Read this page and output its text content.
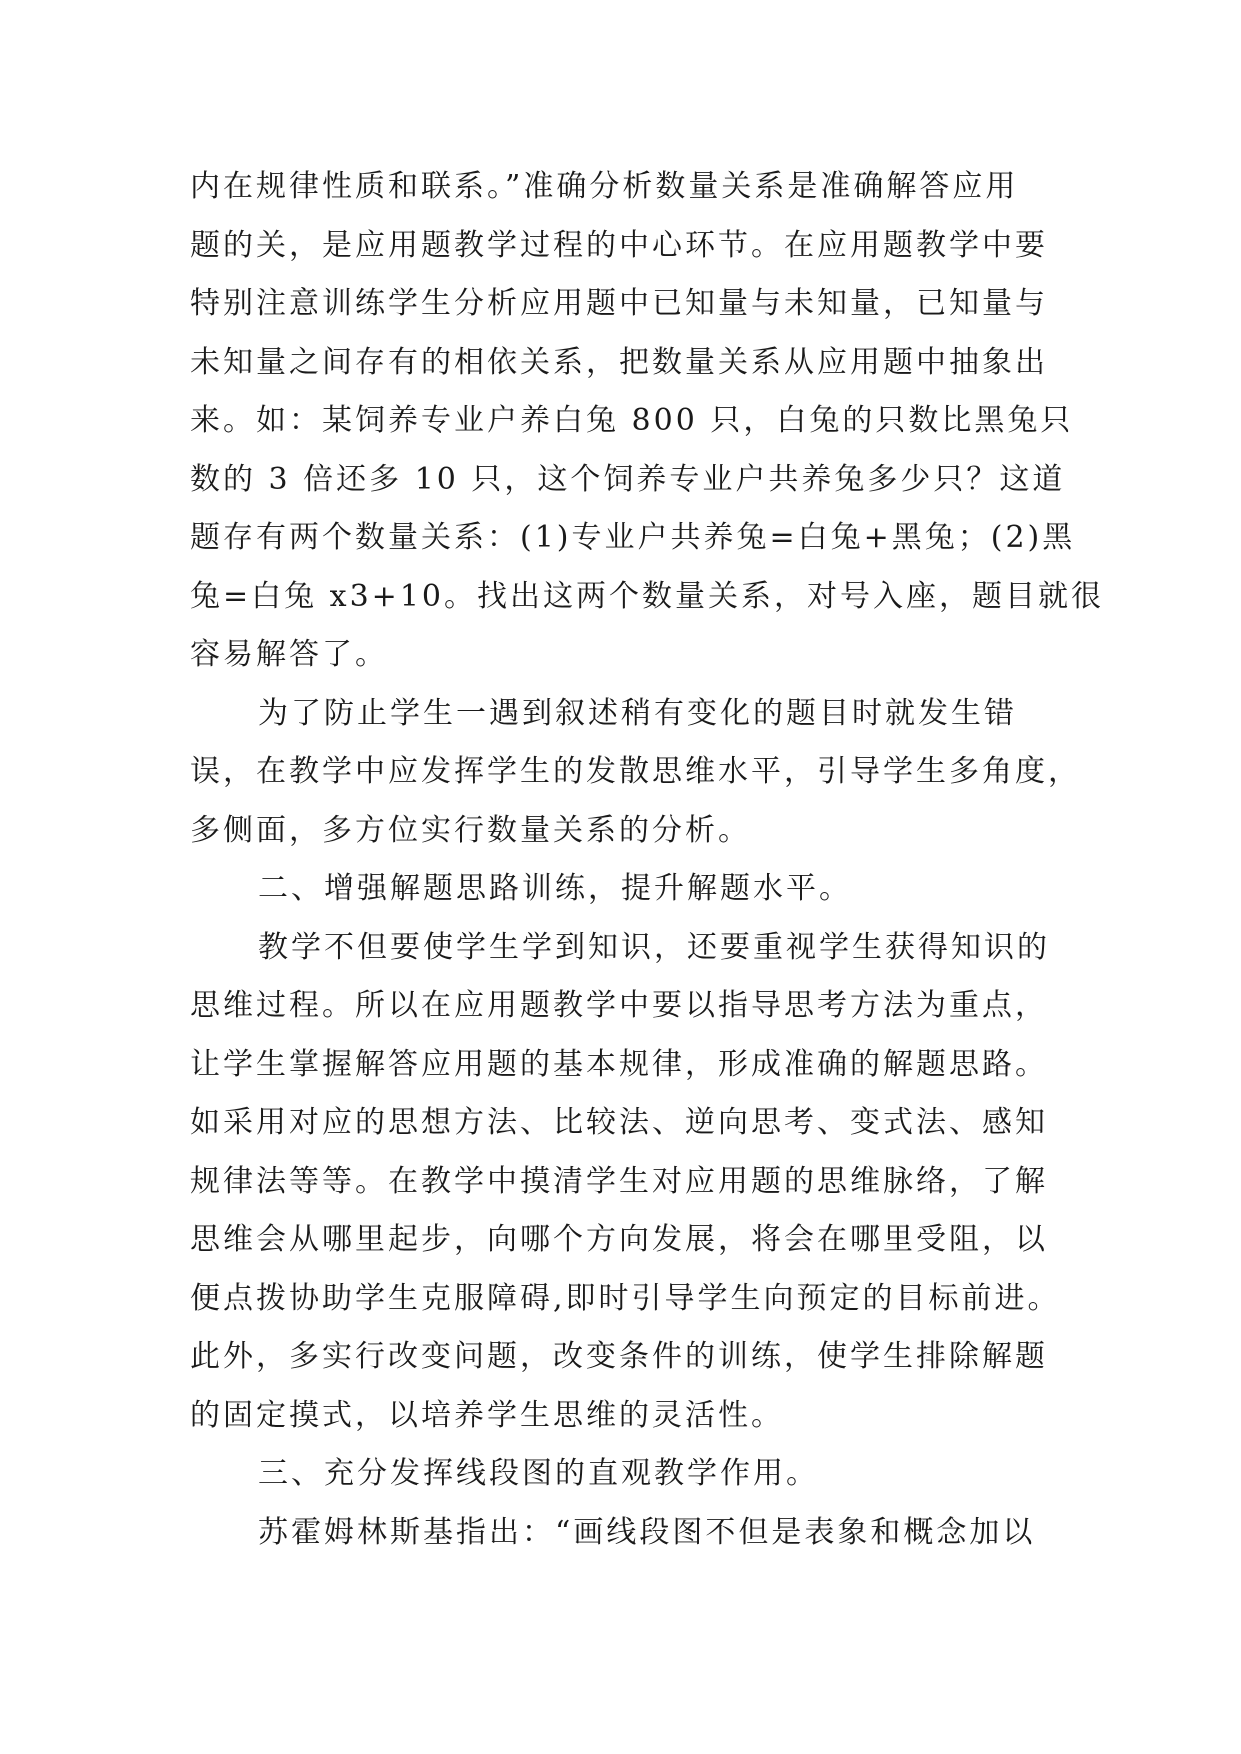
内在规律性质和联系。”准确分析数量关系是准确解答应用
题的关，是应用题教学过程的中心环节。在应用题教学中要
特别注意训练学生分析应用题中已知量与未知量，已知量与
未知量之间存有的相依关系，把数量关系从应用题中抽象出
来。如：某饲养专业户养白兔 800 只，白兔的只数比黑兔只
数的 3 倍还多 10 只，这个饲养专业户共养兔多少只？这道
题存有两个数量关系：(1)专业户共养兔=白兔+黑兔；(2)黑
兔=白兔 x3+10。找出这两个数量关系，对号入座，题目就很
容易解答了。
为了防止学生一遇到叙述稍有变化的题目时就发生错
误，在教学中应发挥学生的发散思维水平，引导学生多角度，
多侧面，多方位实行数量关系的分析。
二、增强解题思路训练，提升解题水平。
教学不但要使学生学到知识，还要重视学生获得知识的
思维过程。所以在应用题教学中要以指导思考方法为重点，
让学生掌握解答应用题的基本规律，形成准确的解题思路。
如采用对应的思想方法、比较法、逆向思考、变式法、感知
规律法等等。在教学中摸清学生对应用题的思维脉络，了解
思维会从哪里起步，向哪个方向发展，将会在哪里受阻，以
便点拨协助学生克服障碍,即时引导学生向预定的目标前进。
此外，多实行改变问题，改变条件的训练，使学生排除解题
的固定摸式，以培养学生思维的灵活性。
三、充分发挥线段图的直观教学作用。
苏霍姆林斯基指出：“画线段图不但是表象和概念加以
